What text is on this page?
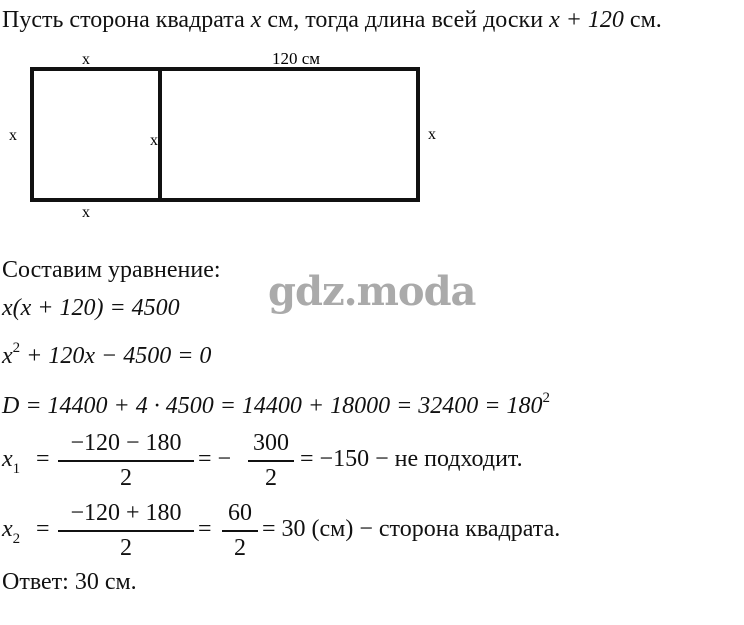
Пусть сторона квадрата x см, тогда длина всей доски x + 120 см.
x	120 см
x	x	x
x
Составим уравнение:
x(x + 120) = 4500
$x^2 + 120x - 4500 = 0$
$D = 14400 + 4 \cdot 4500 = 14400 + 18000 = 32400 = 180^2$
$x_1$ =
−120 − 180
2
= −
300
2
= −150 − не подходит.
$x_2$ =
−120 + 180
2
=
60
2
= 30 (см) − сторона квадрата.
Ответ: 30 см.
gdz.moda
